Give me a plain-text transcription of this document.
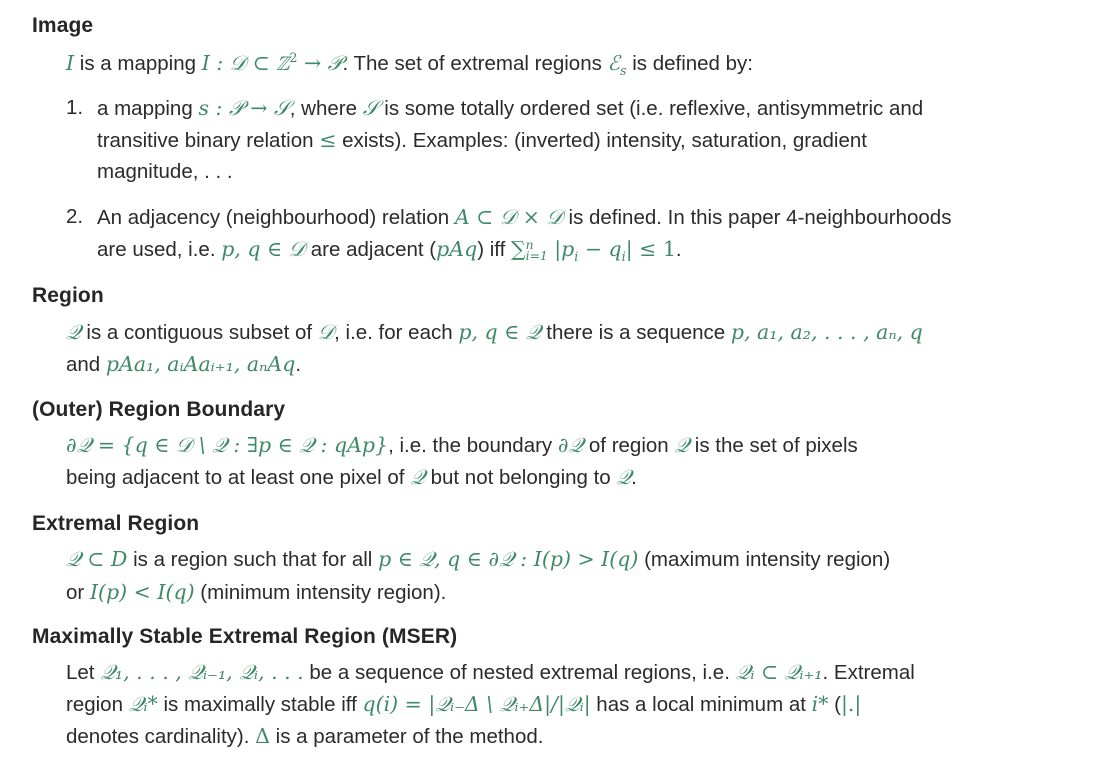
Image
I is a mapping I : 𝒟 ⊂ ℤ$^2$ → 𝒫. The set of extremal regions ℰ$_s$ is defined by:
1. a mapping s : 𝒫 → 𝒮, where 𝒮 is some totally ordered set (i.e. reflexive, antisymmetric and
transitive binary relation ≤ exists). Examples: (inverted) intensity, saturation, gradient
magnitude, . . .
2. An adjacency (neighbourhood) relation A ⊂ 𝒟 × 𝒟 is defined. In this paper 4-neighbourhoods
are used, i.e. p, q ∈ 𝒟 are adjacent (pAq) iff ∑ n
i=1 $|p_i - q_i| \le 1$.
Region
𝒬 is a contiguous subset of 𝒟, i.e. for each p, q ∈ 𝒬 there is a sequence p, a₁, a₂, . . . , aₙ, q
and pAa₁, aᵢAaᵢ₊₁, aₙAq.
(Outer) Region Boundary
∂𝒬 = {q ∈ 𝒟 \ 𝒬 : ∃p ∈ 𝒬 : qAp}, i.e. the boundary ∂𝒬 of region 𝒬 is the set of pixels
being adjacent to at least one pixel of 𝒬 but not belonging to 𝒬.
Extremal Region
𝒬 ⊂ D is a region such that for all p ∈ 𝒬, q ∈ ∂𝒬 : I(p) > I(q) (maximum intensity region)
or I(p) < I(q) (minimum intensity region).
Maximally Stable Extremal Region (MSER)
Let 𝒬₁, . . . , 𝒬ᵢ₋₁, 𝒬ᵢ, . . . be a sequence of nested extremal regions, i.e. 𝒬ᵢ ⊂ 𝒬ᵢ₊₁. Extremal
region 𝒬ᵢ* is maximally stable iff q(i) = |𝒬ᵢ₋Δ \ 𝒬ᵢ₊Δ|/|𝒬ᵢ| has a local minimum at i* (|.|
denotes cardinality). Δ is a parameter of the method.
